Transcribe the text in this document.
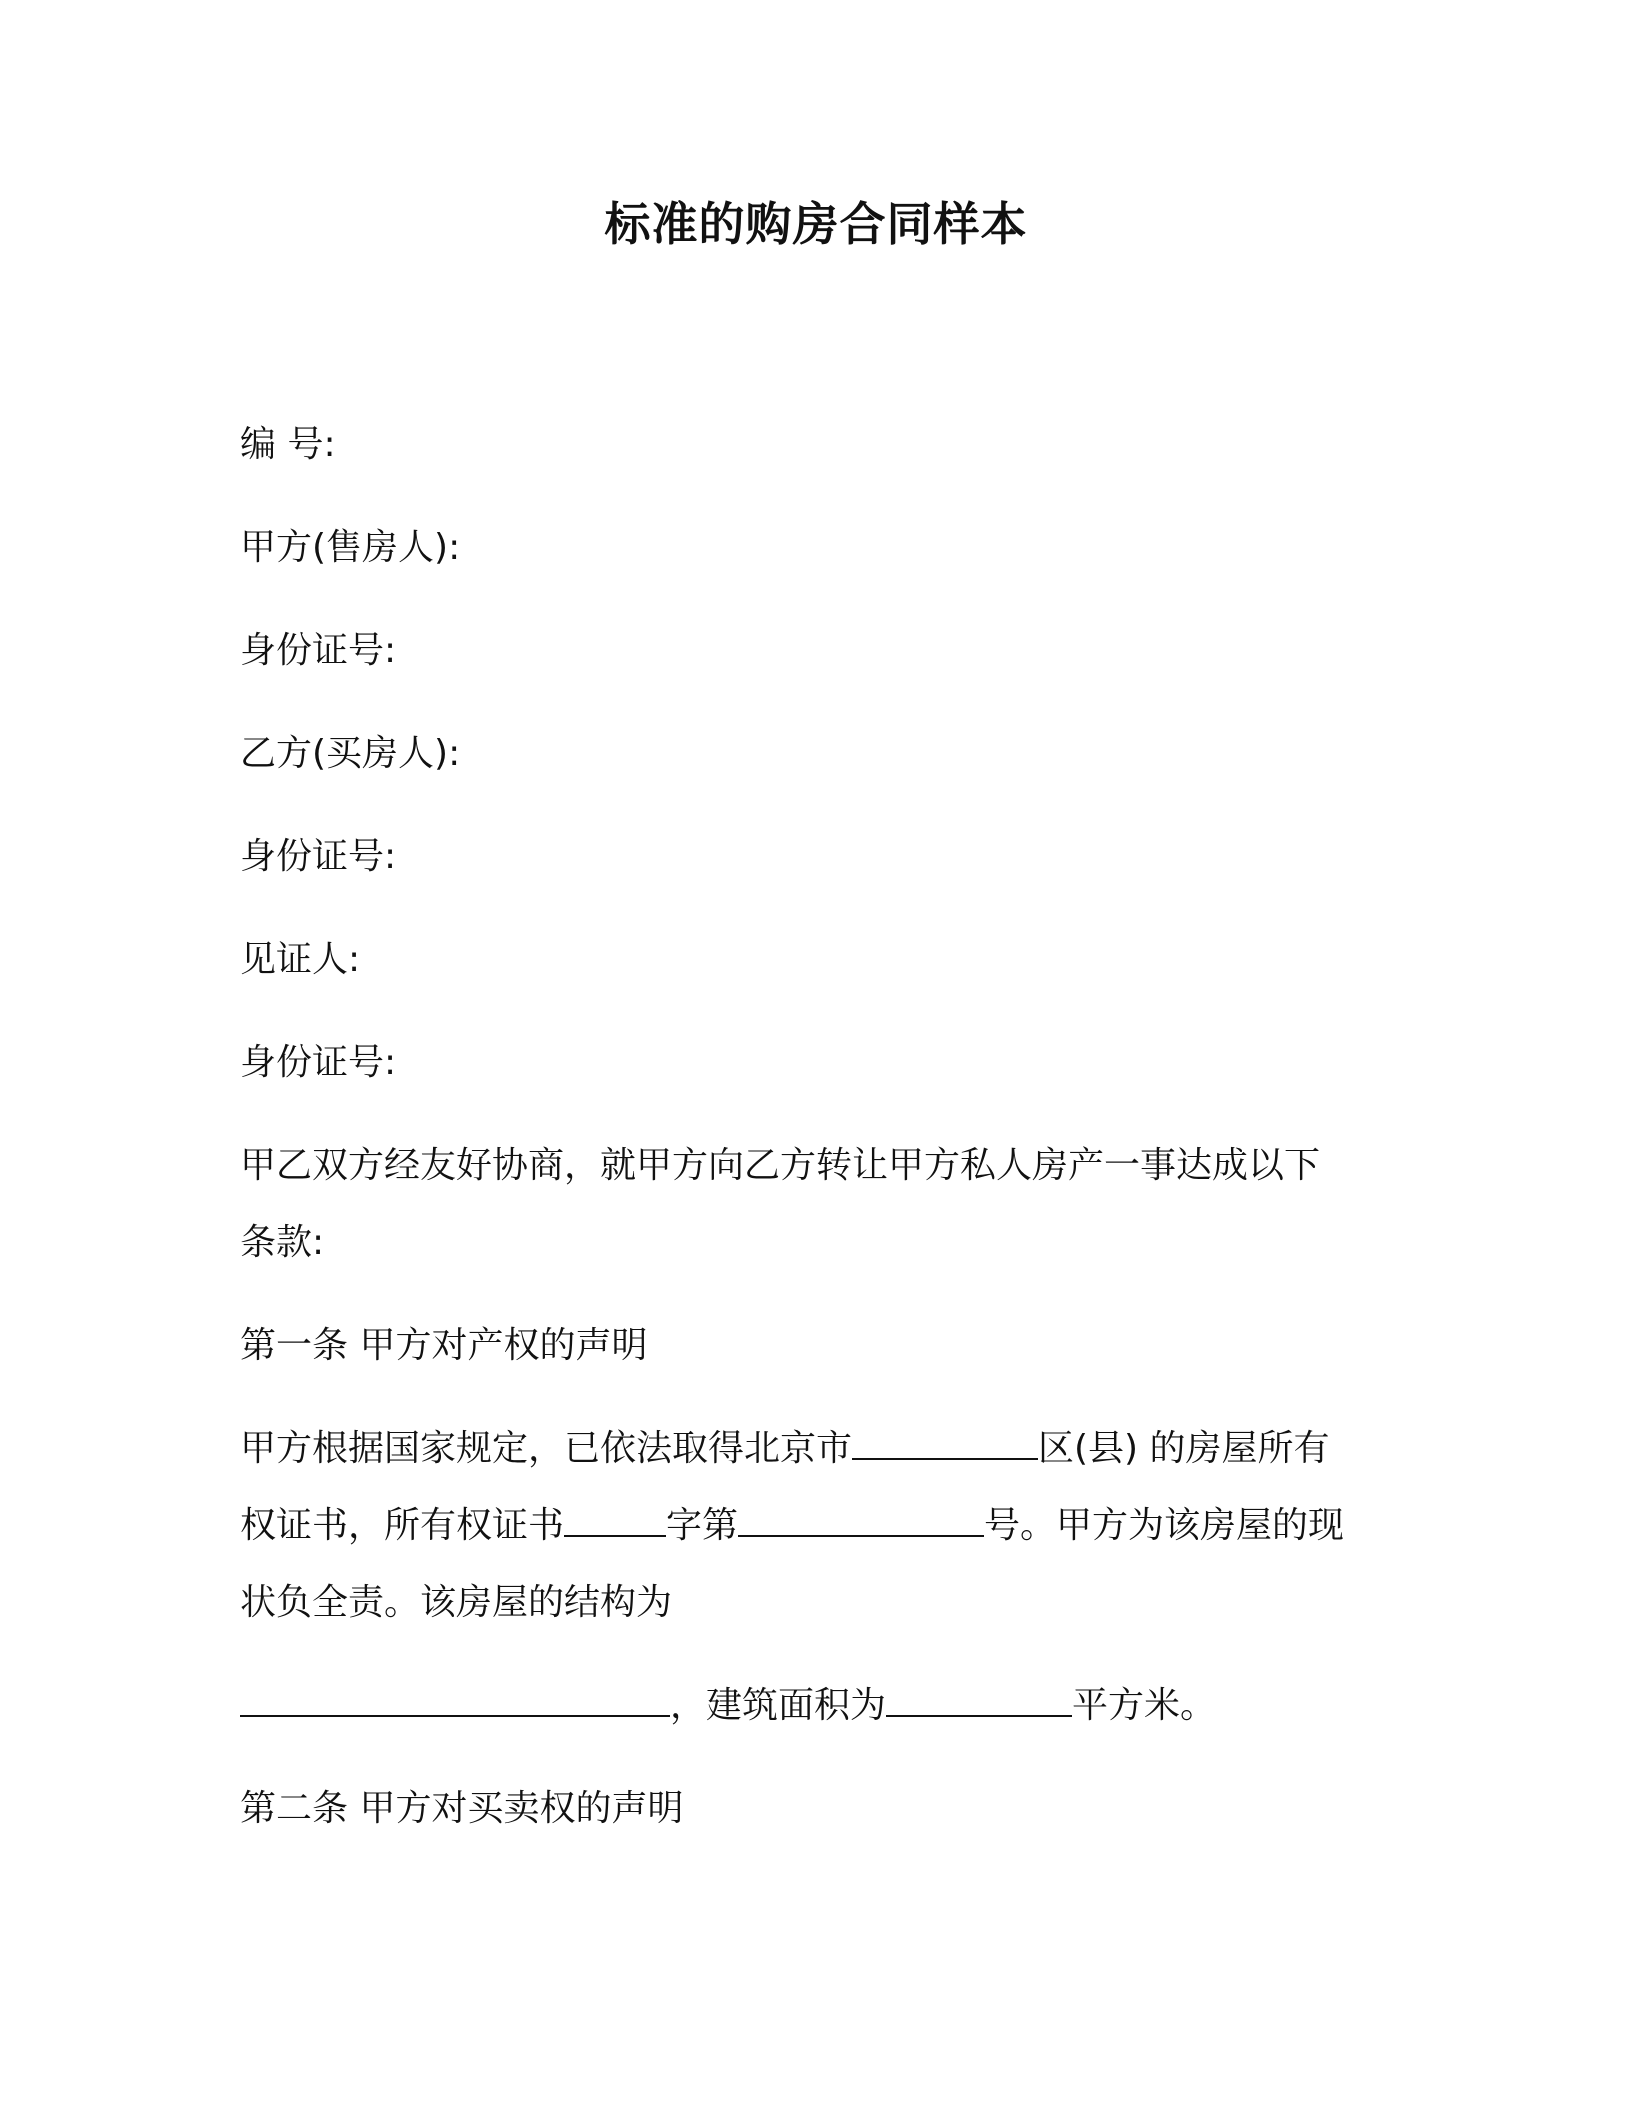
标准的购房合同样本
编 号:
甲方(售房人):
身份证号:
乙方(买房人):
身份证号:
见证人:
身份证号:
甲乙双方经友好协商，就甲方向乙方转让甲方私人房产一事达成以下
条款:
第一条 甲方对产权的声明
甲方根据国家规定，已依法取得北京市	区(县) 的房屋所有
权证书，所有权证书	字第	号。甲方为该房屋的现
状负全责。该房屋的结构为
，建筑面积为	平方米。
第二条 甲方对买卖权的声明
